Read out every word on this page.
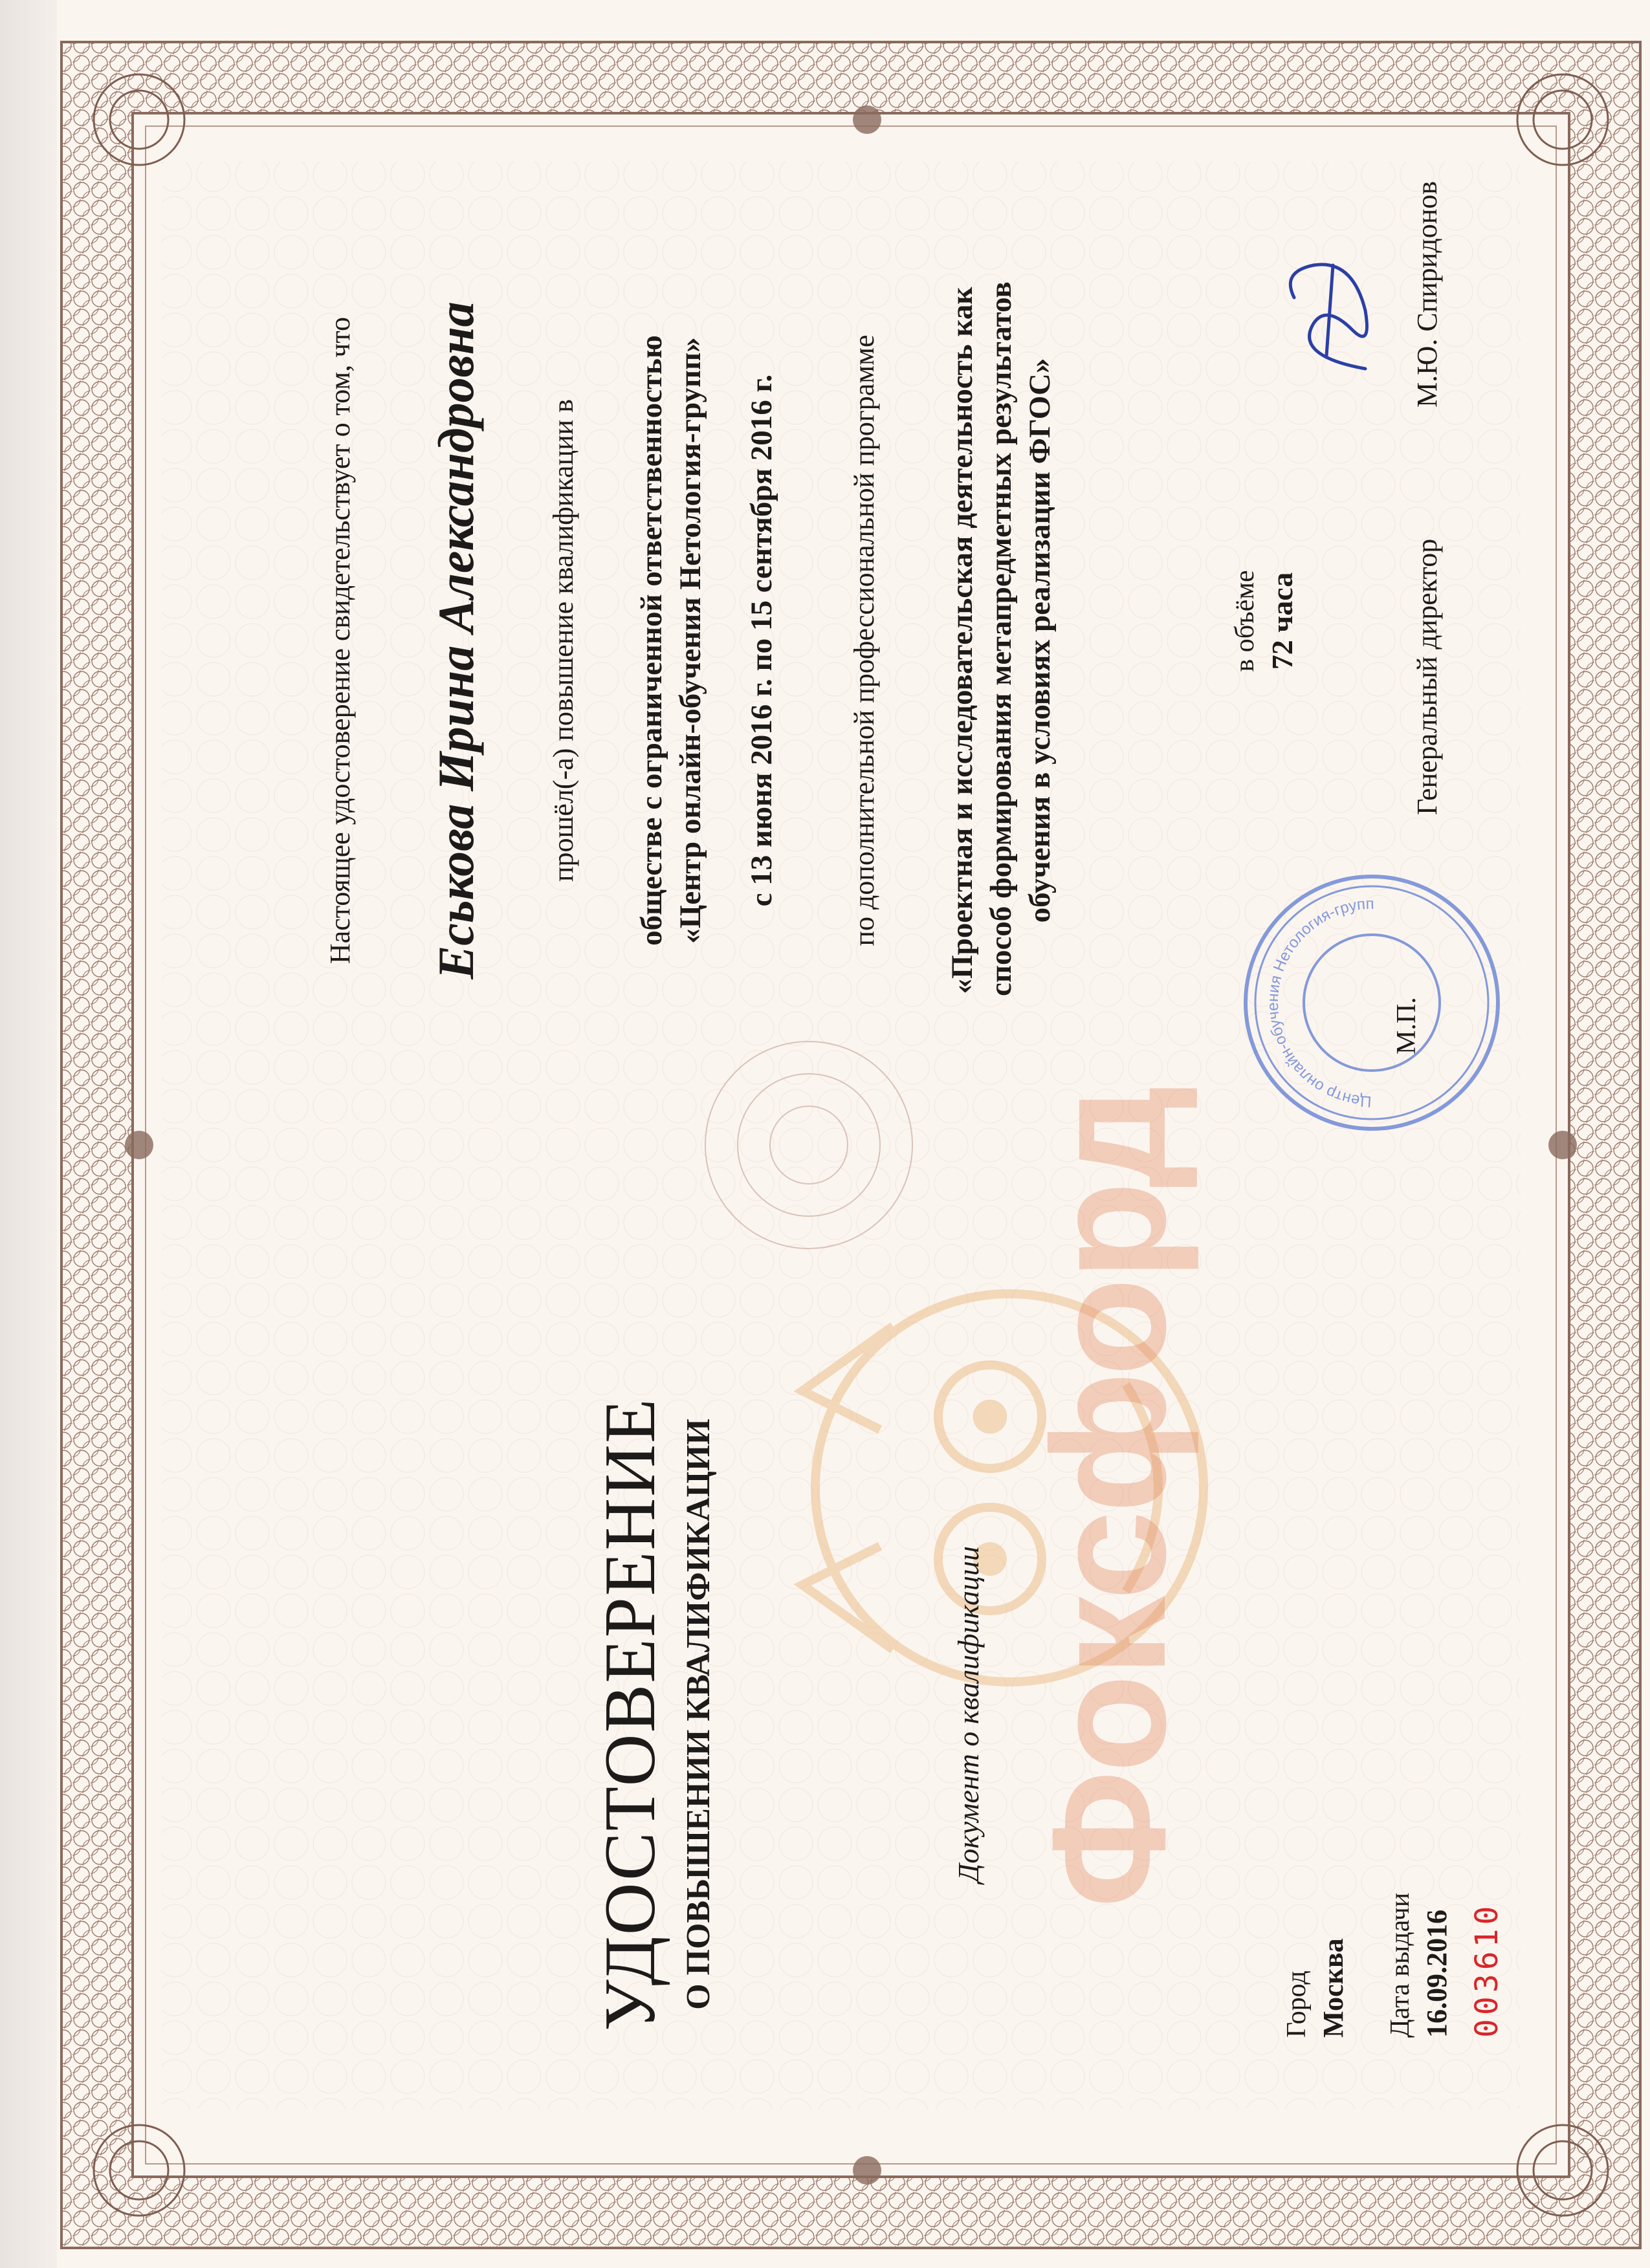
УДОСТОВЕРЕНИЕ О ПОВЫШЕНИИ КВАЛИФИКАЦИИ	Документ о квалификации Фоксфорд
Город Москва Дата выдачи 16.09.2016 003610
Настоящее удостоверение свидетельствует о том, что Еськова Ирина Александровна прошёл(-а) повышение квалификации в обществе с ограниченной ответственностью «Центр онлайн-обучения Нетология-групп» с 13 июня 2016 г. по 15 сентября 2016 г. по дополнительной профессиональной программе «Проектная и исследовательская деятельность как способ формирования метапредметных результатов обучения в условиях реализации ФГОС»	в объёме 72 часа
Центр онлайн-обучения Нетология-групп
М.П.
Генеральный директор
М.Ю. Спиридонов
